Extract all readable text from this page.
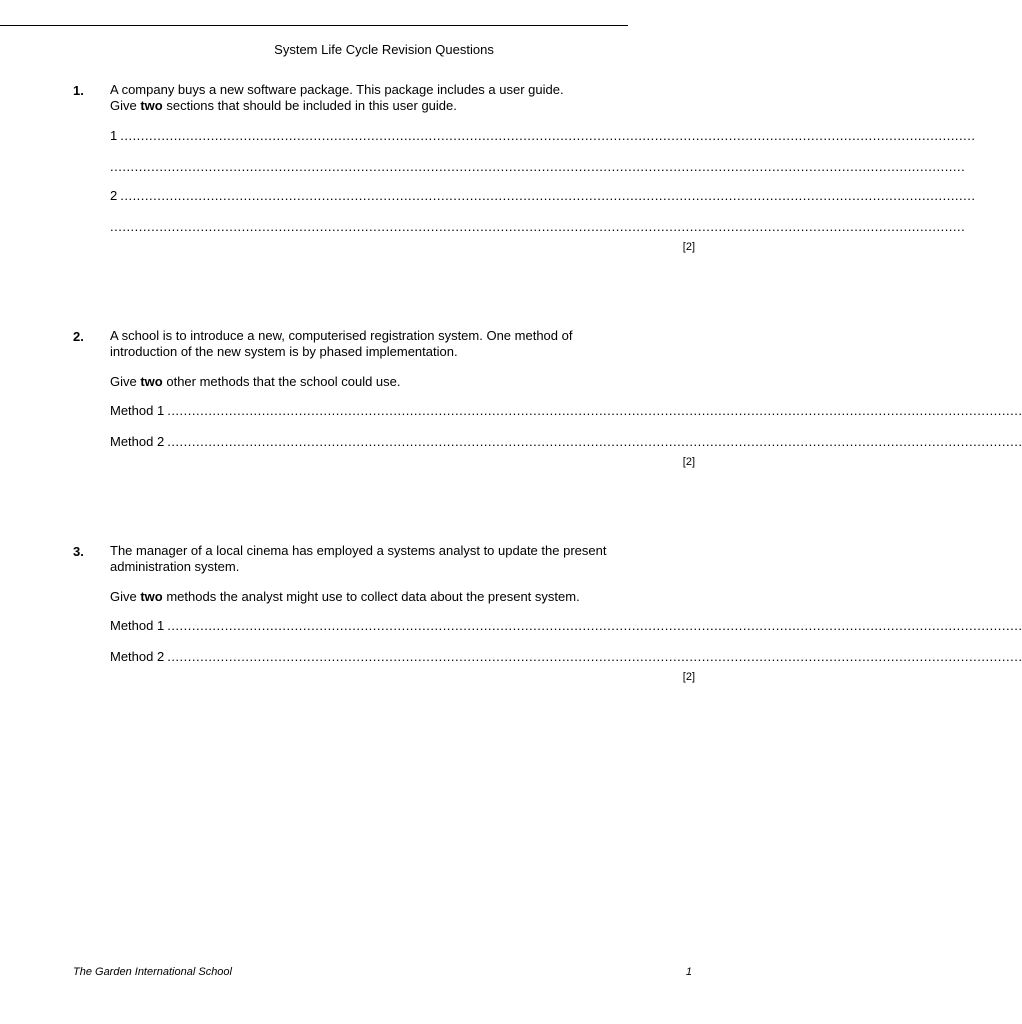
System Life Cycle Revision Questions
1. A company buys a new software package. This package includes a user guide.
Give two sections that should be included in this user guide.
1 ................................................................................................................................................................................................................
................................................................................................................................................................................................................
2 ................................................................................................................................................................................................................
................................................................................................................................................................................................................
[2]
2. A school is to introduce a new, computerised registration system. One method of
introduction of the new system is by phased implementation.
Give two other methods that the school could use.
Method 1 ................................................................................................................................................................................................................
Method 2 ................................................................................................................................................................................................................
[2]
3. The manager of a local cinema has employed a systems analyst to update the present
administration system.
Give two methods the analyst might use to collect data about the present system.
Method 1 ................................................................................................................................................................................................................
Method 2 ................................................................................................................................................................................................................
[2]
The Garden International School	1
